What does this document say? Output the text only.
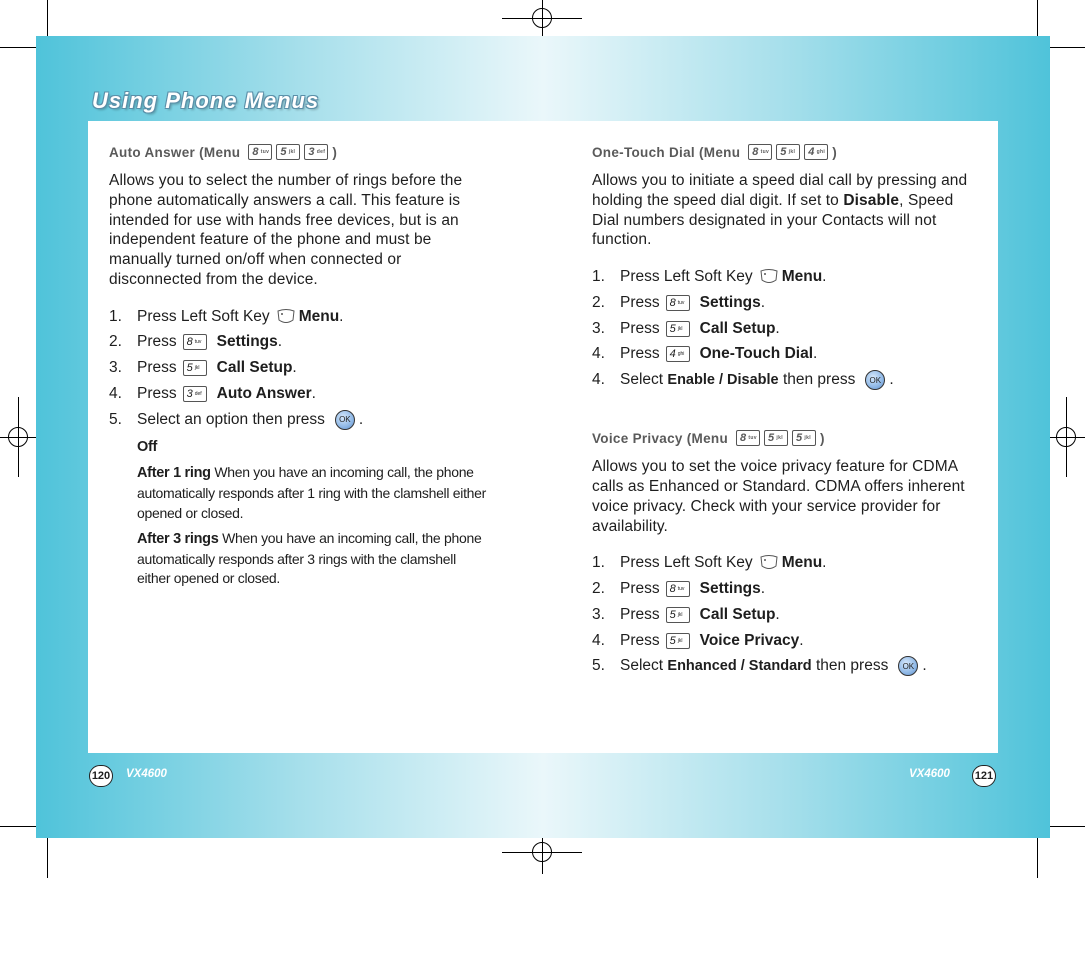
Using Phone Menus
Auto Answer (Menu 8 tuv 5 jkl 3 def )

Allows you to select the number of rings before the phone automatically answers a call. This feature is intended for use with hands free devices, but is an independent feature of the phone and must be manually turned on/off when connected or disconnected from the device.

1. Press Left Soft Key Menu .
2. Press 8 tuv Settings .
3. Press 5 jkl Call Setup .
4. Press 3 def Auto Answer .
5. Select an option then press	OK .
Off
After 1 ring When you have an incoming call, the phone automatically responds after 1 ring with the clamshell either opened or closed.
After 3 rings When you have an incoming call, the phone automatically responds after 3 rings with the clamshell either opened or closed.
One-Touch Dial (Menu 8 tuv 5 jkl 4 ghi )

Allows you to initiate a speed dial call by pressing and holding the speed dial digit. If set to Disable, Speed Dial numbers designated in your Contacts will not function.

1. Press Left Soft Key Menu .
2. Press 8 tuv Settings .
3. Press 5 jkl Call Setup .
4. Press 4 ghi One-Touch Dial .
4. Select
Enable / Disable
then press	OK .
Voice Privacy (Menu 8 tuv 5 jkl 5 jkl )

Allows you to set the voice privacy feature for CDMA calls as Enhanced or Standard. CDMA offers inherent voice privacy. Check with your service provider for availability.

1. Press Left Soft Key Menu .
2. Press 8 tuv Settings .
3. Press 5 jkl Call Setup .
4. Press 5 jkl Voice Privacy .
5. Select
Enhanced / Standard
then press	OK .
120 VX4600	VX4600 121
